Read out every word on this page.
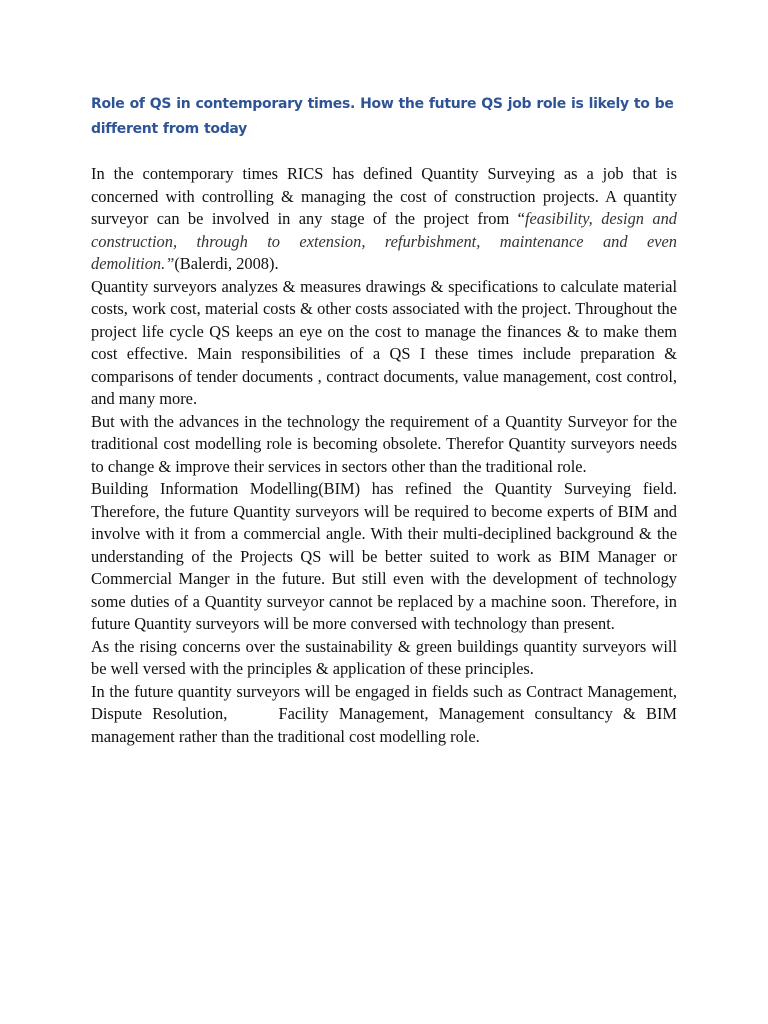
Role of QS in contemporary times. How the future QS job role is likely to be different from today

In the contemporary times RICS has defined Quantity Surveying as a job that is concerned with controlling & managing the cost of construction projects. A quantity surveyor can be involved in any stage of the project from “feasibility, design and construction, through to extension, refurbishment, maintenance and even demolition.”(Balerdi, 2008).

Quantity surveyors analyzes & measures drawings & specifications to calculate material costs, work cost, material costs & other costs associated with the project. Throughout the project life cycle QS keeps an eye on the cost to manage the finances & to make them cost effective. Main responsibilities of a QS I these times include preparation & comparisons of tender documents , contract documents, value management, cost control, and many more.

But with the advances in the technology the requirement of a Quantity Surveyor for the traditional cost modelling role is becoming obsolete. Therefor Quantity surveyors needs to change & improve their services in sectors other than the traditional role.

Building Information Modelling(BIM) has refined the Quantity Surveying field. Therefore, the future Quantity surveyors will be required to become experts of BIM and involve with it from a commercial angle. With their multi-deciplined background & the understanding of the Projects QS will be better suited to work as BIM Manager or Commercial Manger in the future. But still even with the development of technology some duties of a Quantity surveyor cannot be replaced by a machine soon. Therefore, in future Quantity surveyors will be more conversed with technology than present.

As the rising concerns over the sustainability & green buildings quantity surveyors will be well versed with the principles & application of these principles.

In the future quantity surveyors will be engaged in fields such as Contract Management, Dispute Resolution,     Facility Management, Management consultancy & BIM management rather than the traditional cost modelling role.
